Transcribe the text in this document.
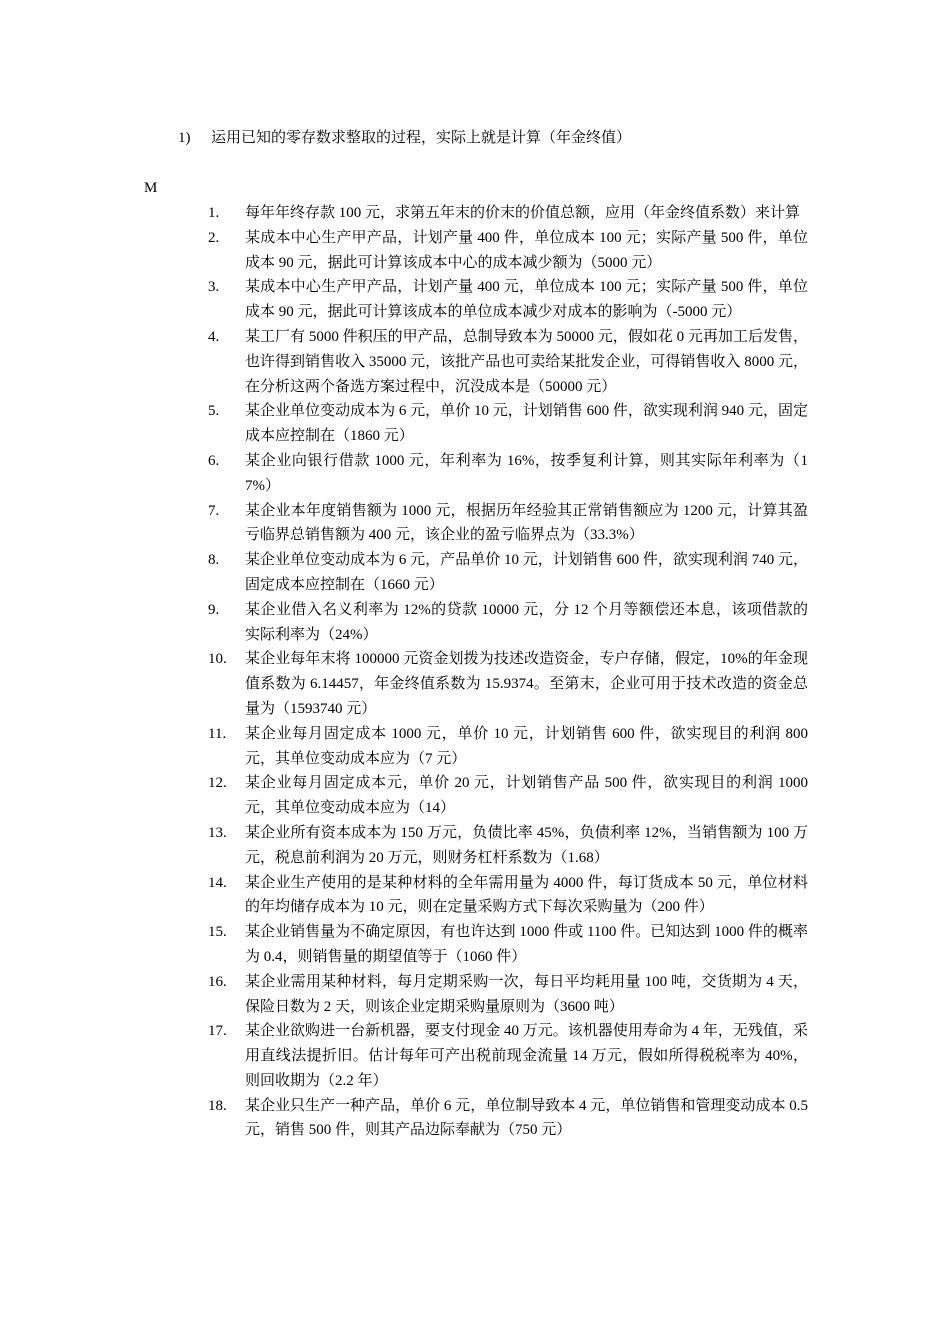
1) 运用已知的零存数求整取的过程，实际上就是计算（年金终值）
M
1.	每年年终存款 100 元，求第五年末的价末的价值总额，应用（年金终值系数）来计算
2.	某成本中心生产甲产品，计划产量 400 件，单位成本 100 元；实际产量 500 件，单位成本 90 元，据此可计算该成本中心的成本减少额为（5000 元）
3.	某成本中心生产甲产品，计划产量 400 元，单位成本 100 元；实际产量 500 件，单位成本 90 元，据此可计算该成本的单位成本减少对成本的影响为（-5000 元）
4.	某工厂有 5000 件积压的甲产品，总制导致本为 50000 元，假如花 0 元再加工后发售，也许得到销售收入 35000 元，该批产品也可卖给某批发企业，可得销售收入 8000 元，在分析这两个备选方案过程中，沉没成本是（50000 元）
5.	某企业单位变动成本为 6 元，单价 10 元，计划销售 600 件，欲实现利润 940 元，固定成本应控制在（1860 元）
6.	某企业向银行借款 1000 元，年利率为 16%，按季复利计算，则其实际年利率为（17%）
7.	某企业本年度销售额为 1000 元，根据历年经验其正常销售额应为 1200 元，计算其盈亏临界总销售额为 400 元，该企业的盈亏临界点为（33.3%）
8.	某企业单位变动成本为 6 元，产品单价 10 元，计划销售 600 件，欲实现利润 740 元，固定成本应控制在（1660 元）
9.	某企业借入名义利率为 12%的贷款 10000 元，分 12 个月等额偿还本息，该项借款的实际利率为（24%）
10.	某企业每年末将 100000 元资金划拨为技述改造资金，专户存储，假定，10%的年金现值系数为 6.14457，年金终值系数为 15.9374。至第末，企业可用于技术改造的资金总量为（1593740 元）
11.	某企业每月固定成本 1000 元，单价 10 元，计划销售 600 件，欲实现目的利润 800 元，其单位变动成本应为（7 元）
12.	某企业每月固定成本元，单价 20 元，计划销售产品 500 件，欲实现目的利润 1000 元，其单位变动成本应为（14）
13.	某企业所有资本成本为 150 万元，负债比率 45%，负债利率 12%，当销售额为 100 万元，税息前利润为 20 万元，则财务杠杆系数为（1.68）
14.	某企业生产使用的是某种材料的全年需用量为 4000 件，每订货成本 50 元，单位材料的年均储存成本为 10 元，则在定量采购方式下每次采购量为（200 件）
15.	某企业销售量为不确定原因，有也许达到 1000 件或 1100 件。已知达到 1000 件的概率为 0.4，则销售量的期望值等于（1060 件）
16.	某企业需用某种材料，每月定期采购一次，每日平均耗用量 100 吨，交货期为 4 天，保险日数为 2 天，则该企业定期采购量原则为（3600 吨）
17.	某企业欲购进一台新机器，要支付现金 40 万元。该机器使用寿命为 4 年，无残值，采用直线法提折旧。估计每年可产出税前现金流量 14 万元，假如所得税税率为 40%，则回收期为（2.2 年）
18.	某企业只生产一种产品，单价 6 元，单位制导致本 4 元，单位销售和管理变动成本 0.5 元，销售 500 件，则其产品边际奉献为（750 元）
